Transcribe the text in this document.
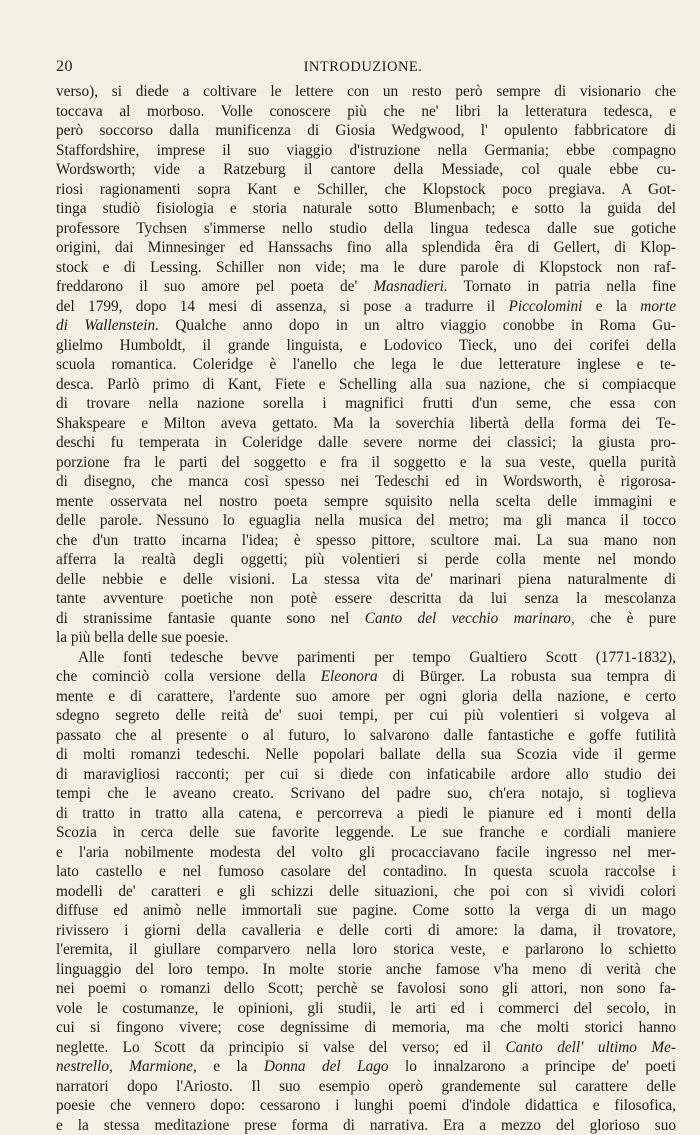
20	INTRODUZIONE.
verso), si diede a coltivare le lettere con un resto però sempre di visionario che
toccava al morboso. Volle conoscere più che ne' libri la letteratura tedesca, e
però soccorso dalla munificenza di Giosia Wedgwood, l' opulento fabbricatore di
Staffordshire, imprese il suo viaggio d'istruzione nella Germania; ebbe compagno
Wordsworth; vide a Ratzeburg il cantore della Messiade, col quale ebbe cu-
riosi ragionamenti sopra Kant e Schiller, che Klopstock poco pregiava. A Got-
tinga studiò fisiologia e storia naturale sotto Blumenbach; e sotto la guida del
professore Tychsen s'immerse nello studio della lingua tedesca dalle sue gotiche
origini, dai Minnesinger ed Hanssachs fino alla splendida êra di Gellert, di Klop-
stock e di Lessing. Schiller non vide; ma le dure parole di Klopstock non raf-
freddarono il suo amore pel poeta de' Masnadieri. Tornato in patria nella fine
del 1799, dopo 14 mesi di assenza, si pose a tradurre il Piccolomini e la morte
di Wallenstein. Qualche anno dopo in un altro viaggio conobbe in Roma Gu-
glielmo Humboldt, il grande linguista, e Lodovico Tieck, uno dei corifei della
scuola romantica. Coleridge è l'anello che lega le due letterature inglese e te-
desca. Parlò primo di Kant, Fiete e Schelling alla sua nazione, che si compiacque
di trovare nella nazione sorella i magnifici frutti d'un seme, che essa con
Shakspeare e Milton aveva gettato. Ma la soverchia libertà della forma dei Te-
deschi fu temperata in Coleridge dalle severe norme dei classici; la giusta pro-
porzione fra le parti del soggetto e fra il soggetto e la sua veste, quella purità
di disegno, che manca così spesso nei Tedeschi ed in Wordsworth, è rigorosa-
mente osservata nel nostro poeta sempre squisito nella scelta delle immagini e
delle parole. Nessuno lo eguaglia nella musica del metro; ma gli manca il tocco
che d'un tratto incarna l'idea; è spesso pittore, scultore mai. La sua mano non
afferra la realtà degli oggetti; più volentieri si perde colla mente nel mondo
delle nebbie e delle visioni. La stessa vita de' marinari piena naturalmente di
tante avventure poetiche non potè essere descritta da lui senza la mescolanza
di stranissime fantasie quante sono nel Canto del vecchio marinaro, che è pure
la più bella delle sue poesie.
Alle fonti tedesche bevve parimenti per tempo Gualtiero Scott (1771-1832),
che cominciò colla versione della Eleonora di Bürger. La robusta sua tempra di
mente e di carattere, l'ardente suo amore per ogni gloria della nazione, e certo
sdegno segreto delle reità de' suoi tempi, per cui più volentieri si volgeva al
passato che al presente o al futuro, lo salvarono dalle fantastiche e goffe futilità
di molti romanzi tedeschi. Nelle popolari ballate della sua Scozia vide il germe
di maravigliosi racconti; per cui si diede con infaticabile ardore allo studio dei
tempi che le aveano creato. Scrivano del padre suo, ch'era notajo, si toglieva
di tratto in tratto alla catena, e percorreva a piedi le pianure ed i monti della
Scozia in cerca delle sue favorite leggende. Le sue franche e cordiali maniere
e l'aria nobilmente modesta del volto gli procacciavano facile ingresso nel mer-
lato castello e nel fumoso casolare del contadino. In questa scuola raccolse i
modelli de' caratteri e gli schizzi delle situazioni, che poi con sì vividi colori
diffuse ed animò nelle immortali sue pagine. Come sotto la verga di un mago
rivissero i giorni della cavalleria e delle corti di amore: la dama, il trovatore,
l'eremita, il giullare comparvero nella loro storica veste, e parlarono lo schietto
linguaggio del loro tempo. In molte storie anche famose v'ha meno di verità che
nei poemi o romanzi dello Scott; perchè se favolosi sono gli attori, non sono fa-
vole le costumanze, le opinioni, gli studii, le arti ed i commerci del secolo, in
cui si fingono vivere; cose degnissime di memoria, ma che molti storici hanno
neglette. Lo Scott da principio si valse del verso; ed il Canto dell' ultimo Me-
nestrello, Marmione, e la Donna del Lago lo innalzarono a principe de' poeti
narratori dopo l'Ariosto. Il suo esempio operò grandemente sul carattere delle
poesie che vennero dopo: cessarono i lunghi poemi d'indole didattica e filosofica,
e la stessa meditazione prese forma di narrativa. Era a mezzo del glorioso suo
